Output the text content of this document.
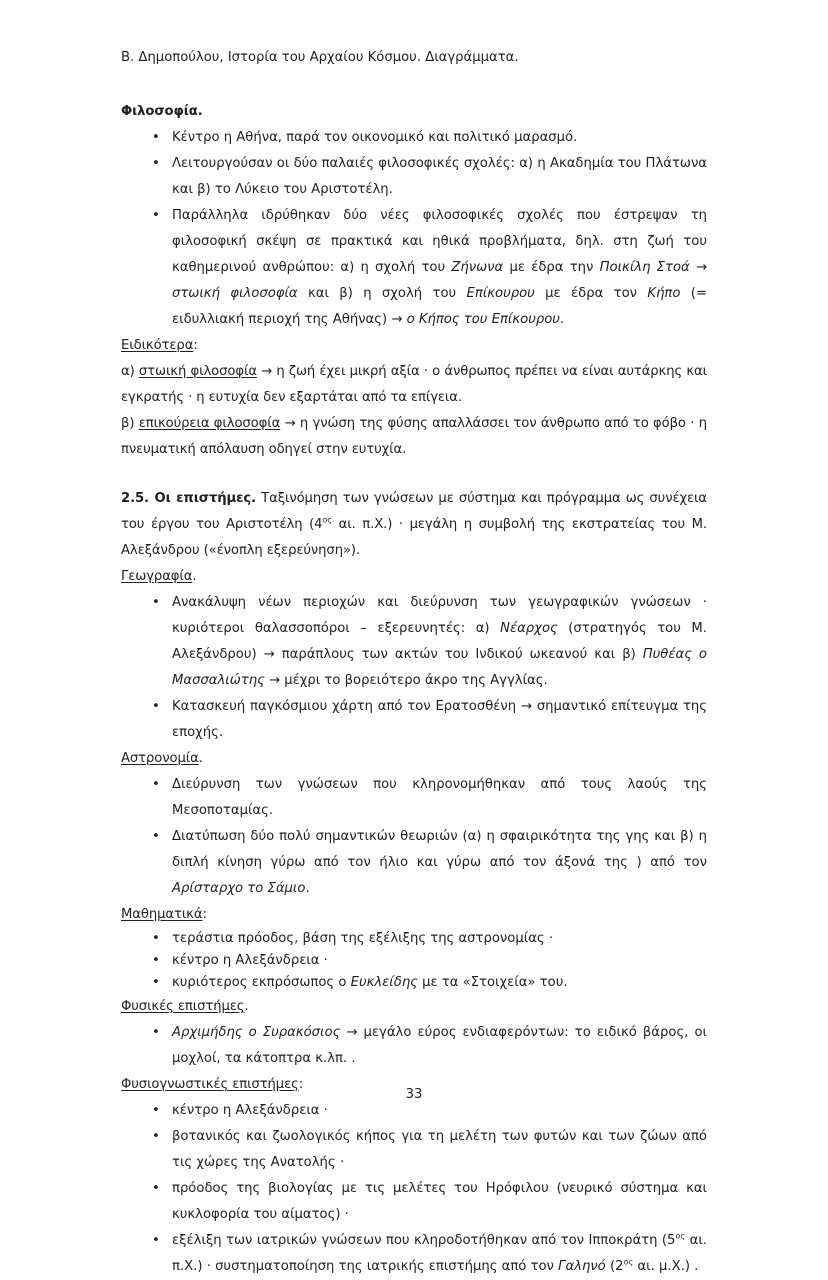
Β. Δημοπούλου, Ιστορία του Αρχαίου Κόσμου. Διαγράμματα.

Φιλοσοφία.

• Κέντρο η Αθήνα, παρά τον οικονομικό και πολιτικό μαρασμό.
• Λειτουργούσαν οι δύο παλαιές φιλοσοφικές σχολές: α) η Ακαδημία του Πλάτωνα και β) το Λύκειο του Αριστοτέλη.
• Παράλληλα ιδρύθηκαν δύο νέες φιλοσοφικές σχολές που έστρεψαν τη φιλοσοφική σκέψη σε πρακτικά και ηθικά προβλήματα, δηλ. στη ζωή του καθημερινού ανθρώπου: α) η σχολή του Ζήνωνα με έδρα την Ποικίλη Στοά → στωική φιλοσοφία και β) η σχολή του Επίκουρου με έδρα τον Κήπο (= ειδυλλιακή περιοχή της Αθήνας) → ο Κήπος του Επίκουρου.

Ειδικότερα:

α) στωική φιλοσοφία → η ζωή έχει μικρή αξία · ο άνθρωπος πρέπει να είναι αυτάρκης και εγκρατής · η ευτυχία δεν εξαρτάται από τα επίγεια.

β) επικούρεια φιλοσοφία → η γνώση της φύσης απαλλάσσει τον άνθρωπο από το φόβο · η πνευματική απόλαυση οδηγεί στην ευτυχία.

2.5. Οι επιστήμες. Ταξινόμηση των γνώσεων με σύστημα και πρόγραμμα ως συνέχεια του έργου του Αριστοτέλη ($4^{o\varsigma}$ αι. π.Χ.) · μεγάλη η συμβολή της εκστρατείας του Μ. Αλεξάνδρου («ένοπλη εξερεύνηση»).

Γεωγραφία.

• Ανακάλυψη νέων περιοχών και διεύρυνση των γεωγραφικών γνώσεων · κυριότεροι θαλασσοπόροι – εξερευνητές: α) Νέαρχος (στρατηγός του Μ. Αλεξάνδρου) → παράπλους των ακτών του Ινδικού ωκεανού και β) Πυθέας ο Μασσαλιώτης → μέχρι το βορειότερο άκρο της Αγγλίας.
• Κατασκευή παγκόσμιου χάρτη από τον Ερατοσθένη → σημαντικό επίτευγμα της εποχής.

Αστρονομία.

• Διεύρυνση των γνώσεων που κληρονομήθηκαν από τους λαούς της Μεσοποταμίας.
• Διατύπωση δύο πολύ σημαντικών θεωριών (α) η σφαιρικότητα της γης και β) η διπλή κίνηση γύρω από τον ήλιο και γύρω από τον άξονά της ) από τον Αρίσταρχο το Σάμιο.

Μαθηματικά:

• τεράστια πρόοδος, βάση της εξέλιξης της αστρονομίας ·
• κέντρο η Αλεξάνδρεια ·
• κυριότερος εκπρόσωπος ο Ευκλείδης με τα «Στοιχεία» του.

Φυσικές επιστήμες.

• Αρχιμήδης ο Συρακόσιος → μεγάλο εύρος ενδιαφερόντων: το ειδικό βάρος, οι μοχλοί, τα κάτοπτρα κ.λπ. .

Φυσιογνωστικές επιστήμες:

• κέντρο η Αλεξάνδρεια ·
• βοτανικός και ζωολογικός κήπος για τη μελέτη των φυτών και των ζώων από τις χώρες της Ανατολής ·
• πρόοδος της βιολογίας με τις μελέτες του Ηρόφιλου (νευρικό σύστημα και κυκλοφορία του αίματος) ·
• εξέλιξη των ιατρικών γνώσεων που κληροδοτήθηκαν από τον Ιπποκράτη ($5^{o\varsigma}$ αι. π.Χ.) · συστηματοποίηση της ιατρικής επιστήμης από τον Γαληνό ($2^{o\varsigma}$ αι. μ.Χ.) .
33
